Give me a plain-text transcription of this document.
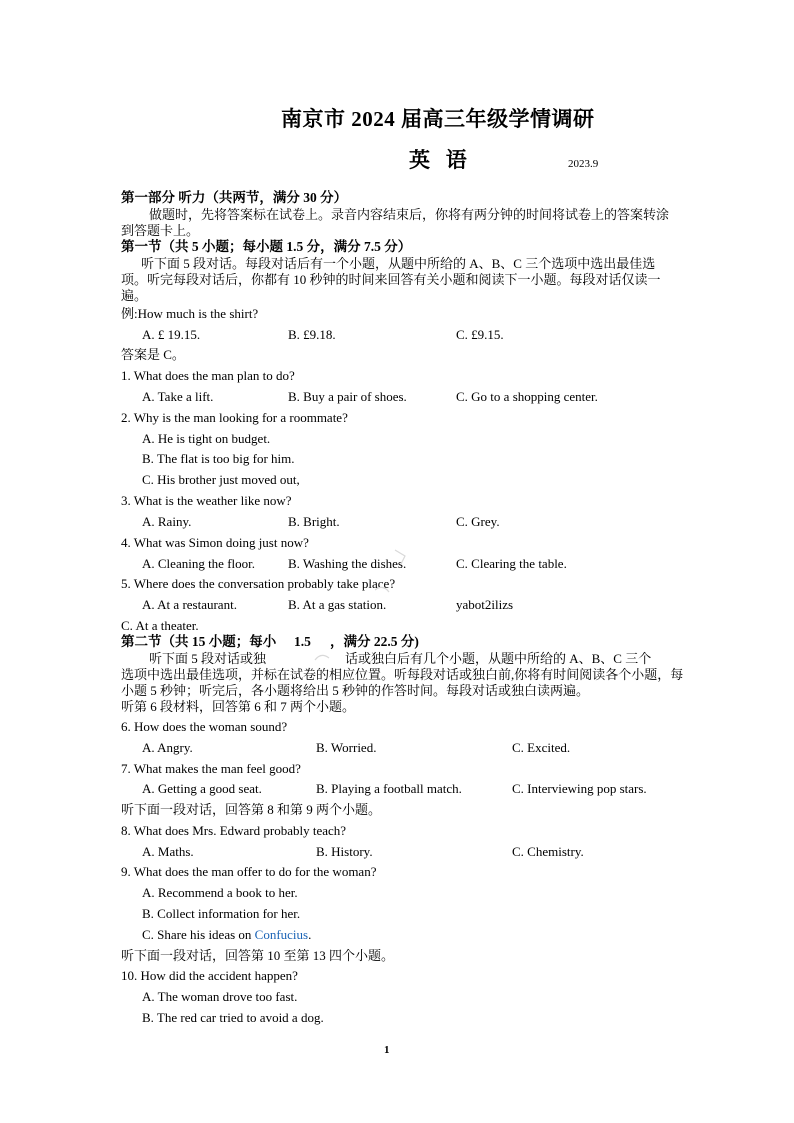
南京市 2024 届高三年级学情调研
英   语	2023.9
第一部分 听力（共两节，满分 30 分）
做题时，先将答案标在试卷上。录音内容结束后，你将有两分钟的时间将试卷上的答案转涂到答题卡上。
第一节（共 5 小题；每小题 1.5 分，满分 7.5 分）
听下面 5 段对话。每段对话后有一个小题，从题中所给的 A、B、C 三个选项中选出最佳选项。听完每段对话后，你都有 10 秒钟的时间来回答有关小题和阅读下一小题。每段对话仅读一遍。
例:How much is the shirt?
A. £ 19.15.	B. £9.18.	C. £9.15.
答案是 C。
1. What does the man plan to do?
A. Take a lift.	B. Buy a pair of shoes.	C. Go to a shopping center.
2. Why is the man looking for a roommate?
A. He is tight on budget.
B. The flat is too big for him.
C. His brother just moved out,
3. What is the weather like now?
A. Rainy.	B. Bright.	C. Grey.
4. What was Simon doing just now?
A. Cleaning the floor.	B. Washing the dishes.	C. Clearing the table.
5. Where does the conversation probably take place?
A. At a restaurant.	B. At a gas station.	yabot2ilizs
C. At a theater.
第二节（共 15 小题；每小 1.5 ，满分 22.5 分)
听下面 5 段对话或独	话或独白后有几个小题，从题中所给的 A、B、C 三个
选项中选出最佳选项，并标在试卷的相应位置。听每段对话或独白前,你将有时间阅读各个小题，每小题 5 秒钟；听完后，各小题将给出 5 秒钟的作答时间。每段对话或独白读两遍。
听第 6 段材料，回答第 6 和 7 两个小题。
6. How does the woman sound?
A. Angry.	B. Worried.	C. Excited.
7. What makes the man feel good?
A. Getting a good seat.	B. Playing a football match.	C. Interviewing pop stars.
听下面一段对话，回答第 8 和第 9 两个小题。
8. What does Mrs. Edward probably teach?
A. Maths.	B. History.	C. Chemistry.
9. What does the man offer to do for the woman?
A. Recommend a book to her.
B. Collect information for her.
C. Share his ideas on Confucius.
听下面一段对话，回答第 10 至第 13 四个小题。
10. How did the accident happen?
A. The woman drove too fast.
B. The red car tried to avoid a dog.
1
